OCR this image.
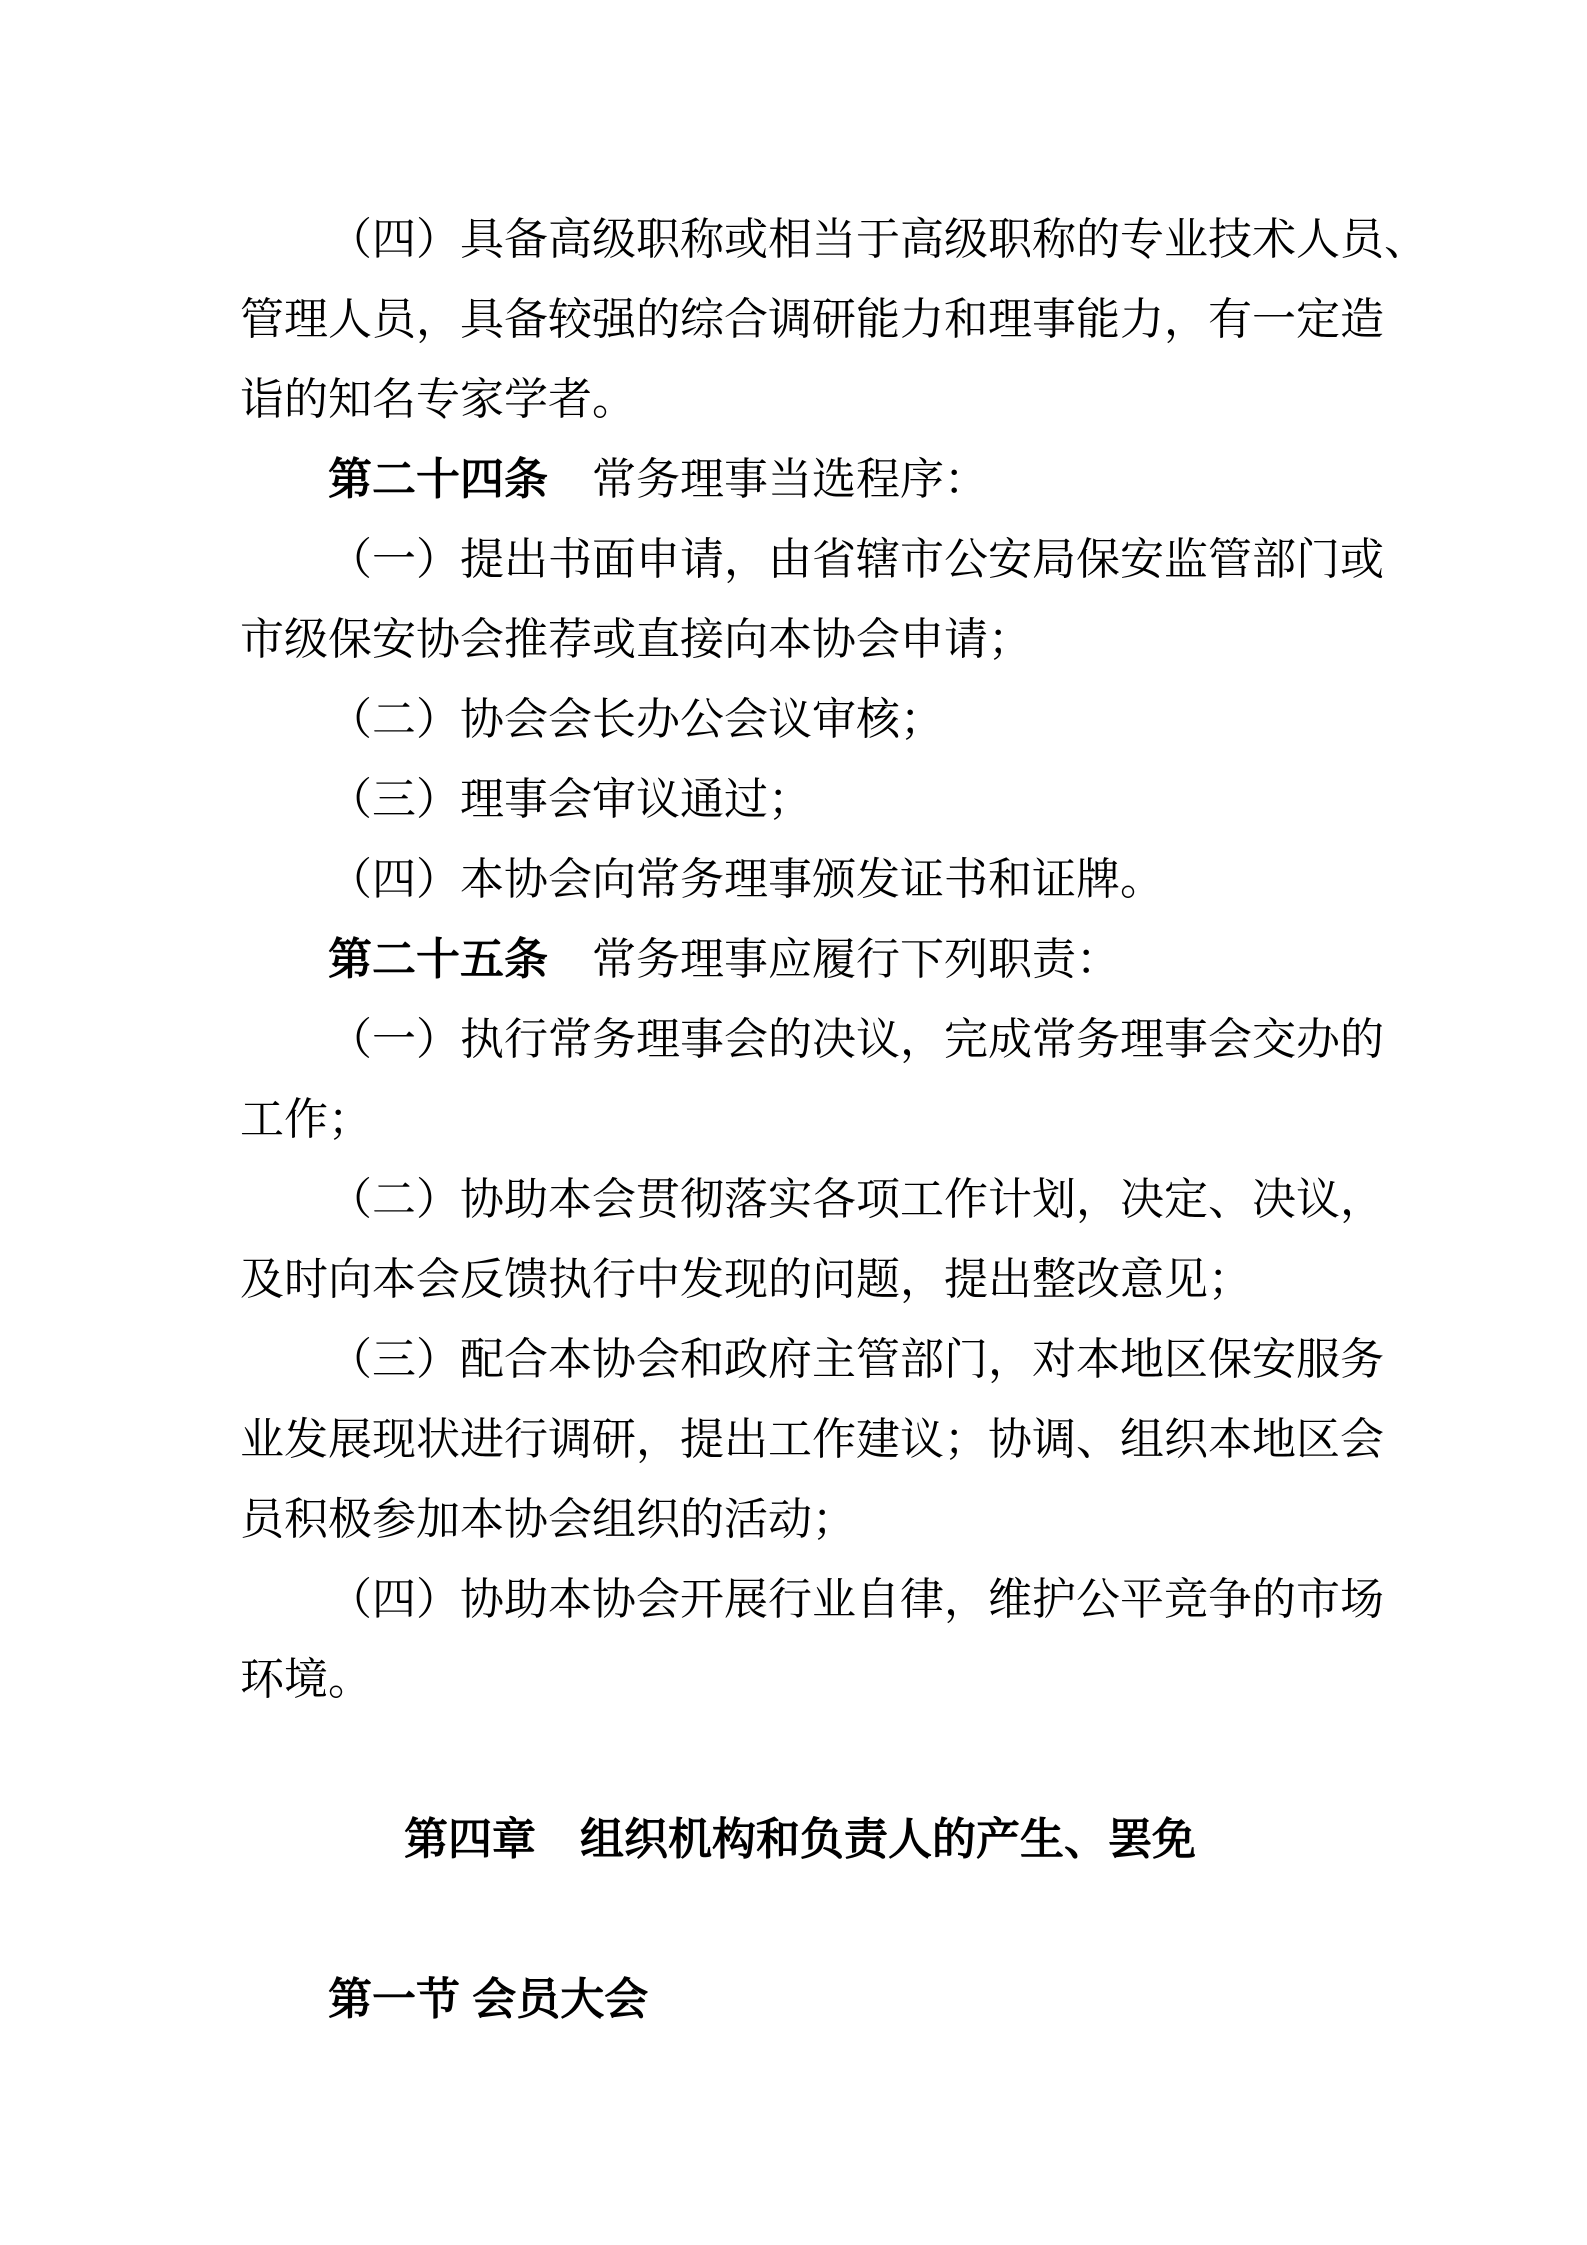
（四）具备高级职称或相当于高级职称的专业技术人员、
管理人员，具备较强的综合调研能力和理事能力，有一定造
诣的知名专家学者。
第二十四条　常务理事当选程序：
（一）提出书面申请，由省辖市公安局保安监管部门或
市级保安协会推荐或直接向本协会申请；
（二）协会会长办公会议审核；
（三）理事会审议通过；
（四）本协会向常务理事颁发证书和证牌。
第二十五条　常务理事应履行下列职责：
（一）执行常务理事会的决议，完成常务理事会交办的
工作；
（二）协助本会贯彻落实各项工作计划，决定、决议，
及时向本会反馈执行中发现的问题，提出整改意见；
（三）配合本协会和政府主管部门，对本地区保安服务
业发展现状进行调研，提出工作建议；协调、组织本地区会
员积极参加本协会组织的活动；
（四）协助本协会开展行业自律，维护公平竞争的市场
环境。
第四章　组织机构和负责人的产生、罢免
第一节 会员大会
